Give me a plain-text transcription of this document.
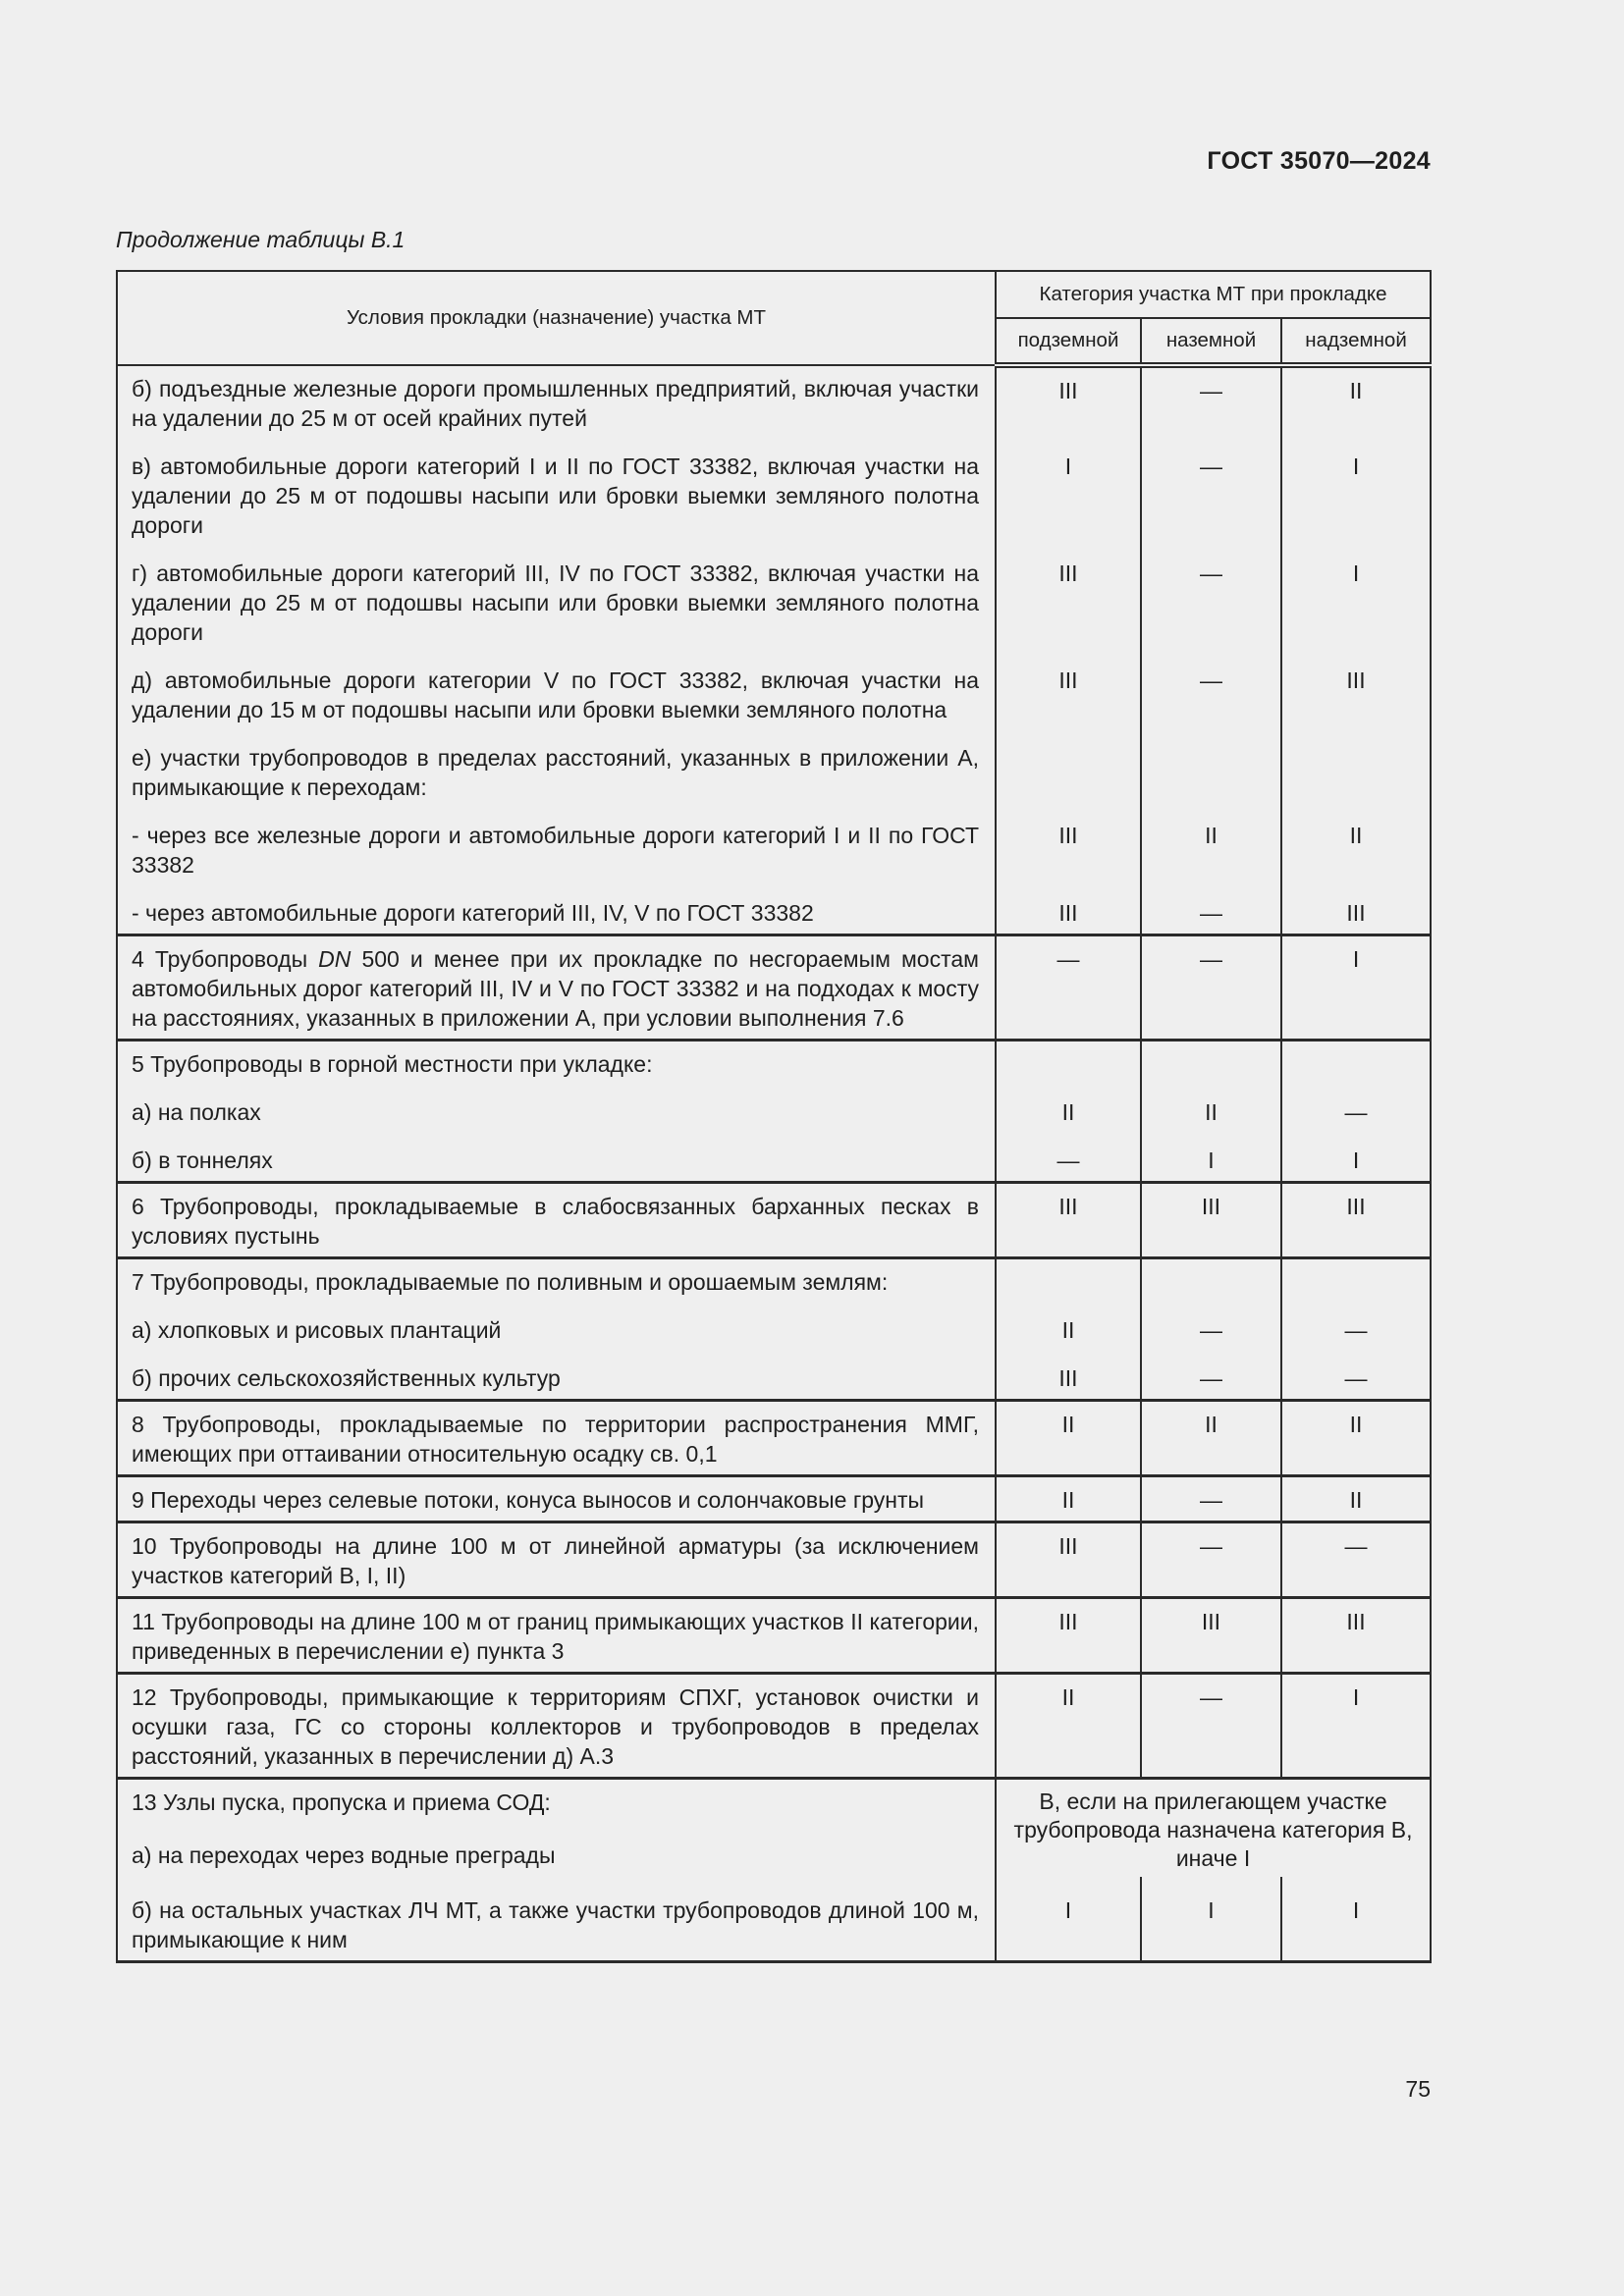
ГОСТ 35070—2024
Продолжение таблицы В.1
Условия прокладки (назначение) участка МТ	Категория участка МТ при прокладке		
	подземной	наземной	надземной
б) подъездные железные дороги промышленных предприятий, включая участки на удалении до 25 м от осей крайних путей	III	—	II
в) автомобильные дороги категорий I и II по ГОСТ 33382, включая участки на удалении до 25 м от подошвы насыпи или бровки выемки земляного полотна дороги	I	—	I
г) автомобильные дороги категорий III, IV по ГОСТ 33382, включая участки на удалении до 25 м от подошвы насыпи или бровки выемки земляного полотна дороги	III	—	I
д) автомобильные дороги категории V по ГОСТ 33382, включая участки на удалении до 15 м от подошвы насыпи или бровки выемки земляного полотна	III	—	III
е) участки трубопроводов в пределах расстояний, указанных в приложении А, примыкающие к переходам:			
- через все железные дороги и автомобильные дороги категорий I и II по ГОСТ 33382	III	II	II
- через автомобильные дороги категорий III, IV, V по ГОСТ 33382	III	—	III
4 Трубопроводы DN 500 и менее при их прокладке по несгораемым мостам автомобильных дорог категорий III, IV и V по ГОСТ 33382 и на подходах к мосту на расстояниях, указанных в приложении А, при условии выполнения 7.6	—	—	I
5 Трубопроводы в горной местности при укладке:			
а) на полках	II	II	—
б) в тоннелях	—	I	I
6 Трубопроводы, прокладываемые в слабосвязанных барханных песках в условиях пустынь	III	III	III
7 Трубопроводы, прокладываемые по поливным и орошаемым землям:			
а) хлопковых и рисовых плантаций	II	—	—
б) прочих сельскохозяйственных культур	III	—	—
8 Трубопроводы, прокладываемые по территории распространения ММГ, имеющих при оттаивании относительную осадку св. 0,1	II	II	II
9 Переходы через селевые потоки, конуса выносов и солончаковые грунты	II	—	II
10 Трубопроводы на длине 100 м от линейной арматуры (за исключением участков категорий В, I, II)	III	—	—
11 Трубопроводы на длине 100 м от границ примыкающих участков II категории, приведенных в перечислении е) пункта 3	III	III	III
12 Трубопроводы, примыкающие к территориям СПХГ, установок очистки и осушки газа, ГС со стороны коллекторов и трубопроводов в пределах расстояний, указанных в перечислении д) А.3	II	—	I
13 Узлы пуска, пропуска и приема СОД:	В, если на прилегающем участке трубопровода назначена категория В, иначе I		
а) на переходах через водные преграды			
б) на остальных участках ЛЧ МТ, а также участки трубопроводов длиной 100 м, примыкающие к ним	I	I	I
75
